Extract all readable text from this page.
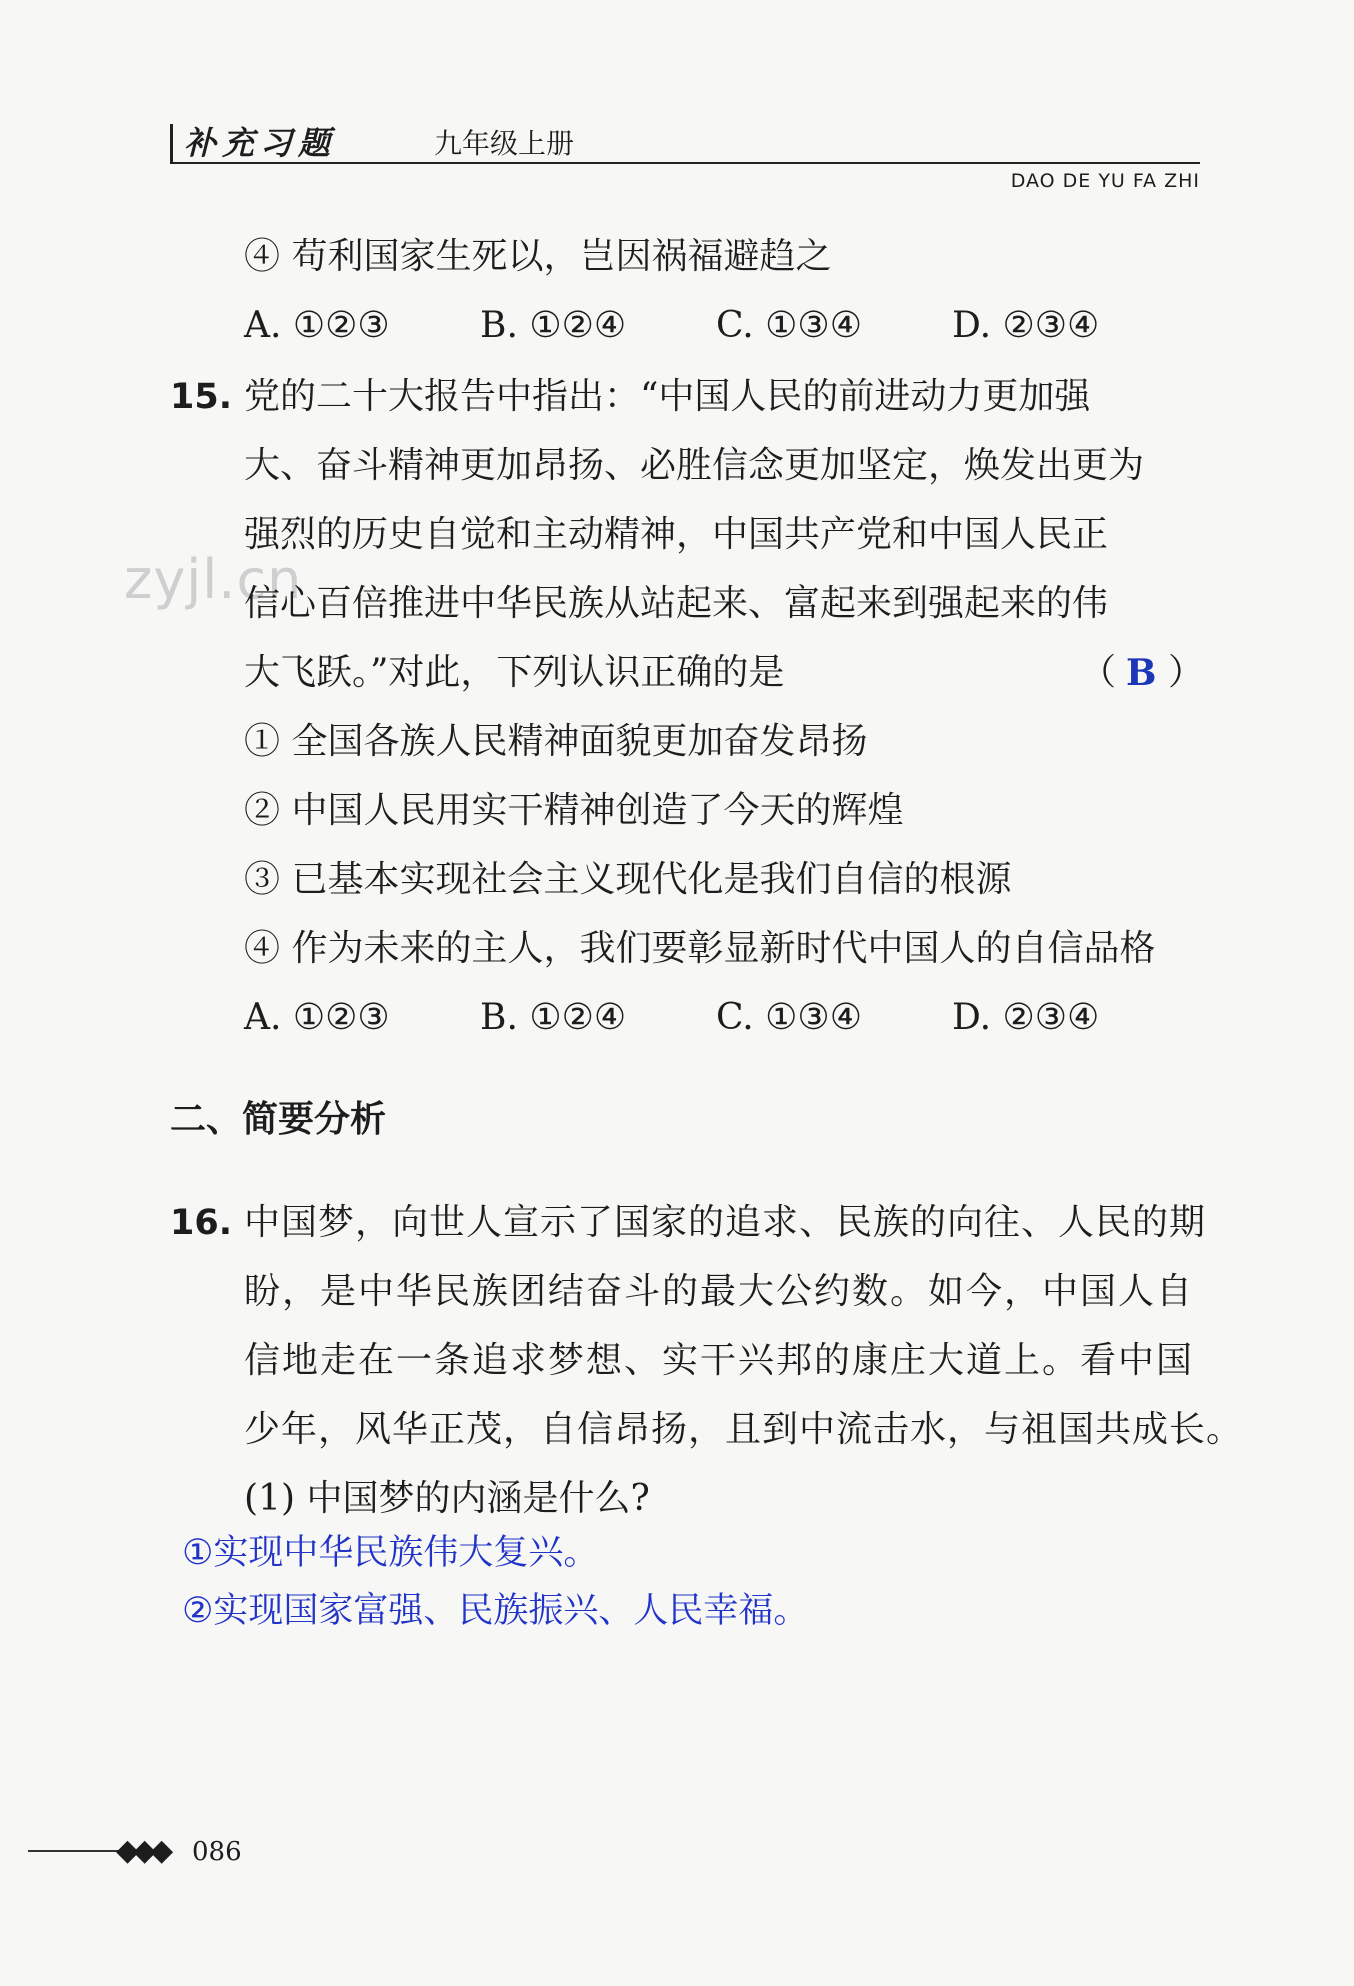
补充习题	九年级上册
DAO DE YU FA ZHI
zyjl.cn
④ 苟利国家生死以，岂因祸福避趋之
A. ①②③	B. ①②④ C. ①③④	D. ②③④
15. 党的二十大报告中指出：“中国人民的前进动力更加强
大、奋斗精神更加昂扬、必胜信念更加坚定，焕发出更为
强烈的历史自觉和主动精神，中国共产党和中国人民正
信心百倍推进中华民族从站起来、富起来到强起来的伟
大飞跃。”对此，下列认识正确的是	（ B ）
① 全国各族人民精神面貌更加奋发昂扬
② 中国人民用实干精神创造了今天的辉煌
③ 已基本实现社会主义现代化是我们自信的根源
④ 作为未来的主人，我们要彰显新时代中国人的自信品格
A. ①②③	B. ①②④ C. ①③④	D. ②③④
二、简要分析
16. 中国梦，向世人宣示了国家的追求、民族的向往、人民的期
盼，是中华民族团结奋斗的最大公约数。如今，中国人自
信地走在一条追求梦想、实干兴邦的康庄大道上。看中国
少年，风华正茂，自信昂扬，且到中流击水，与祖国共成长。
(1) 中国梦的内涵是什么?
①实现中华民族伟大复兴。
②实现国家富强、民族振兴、人民幸福。
◆◆◆ 086
